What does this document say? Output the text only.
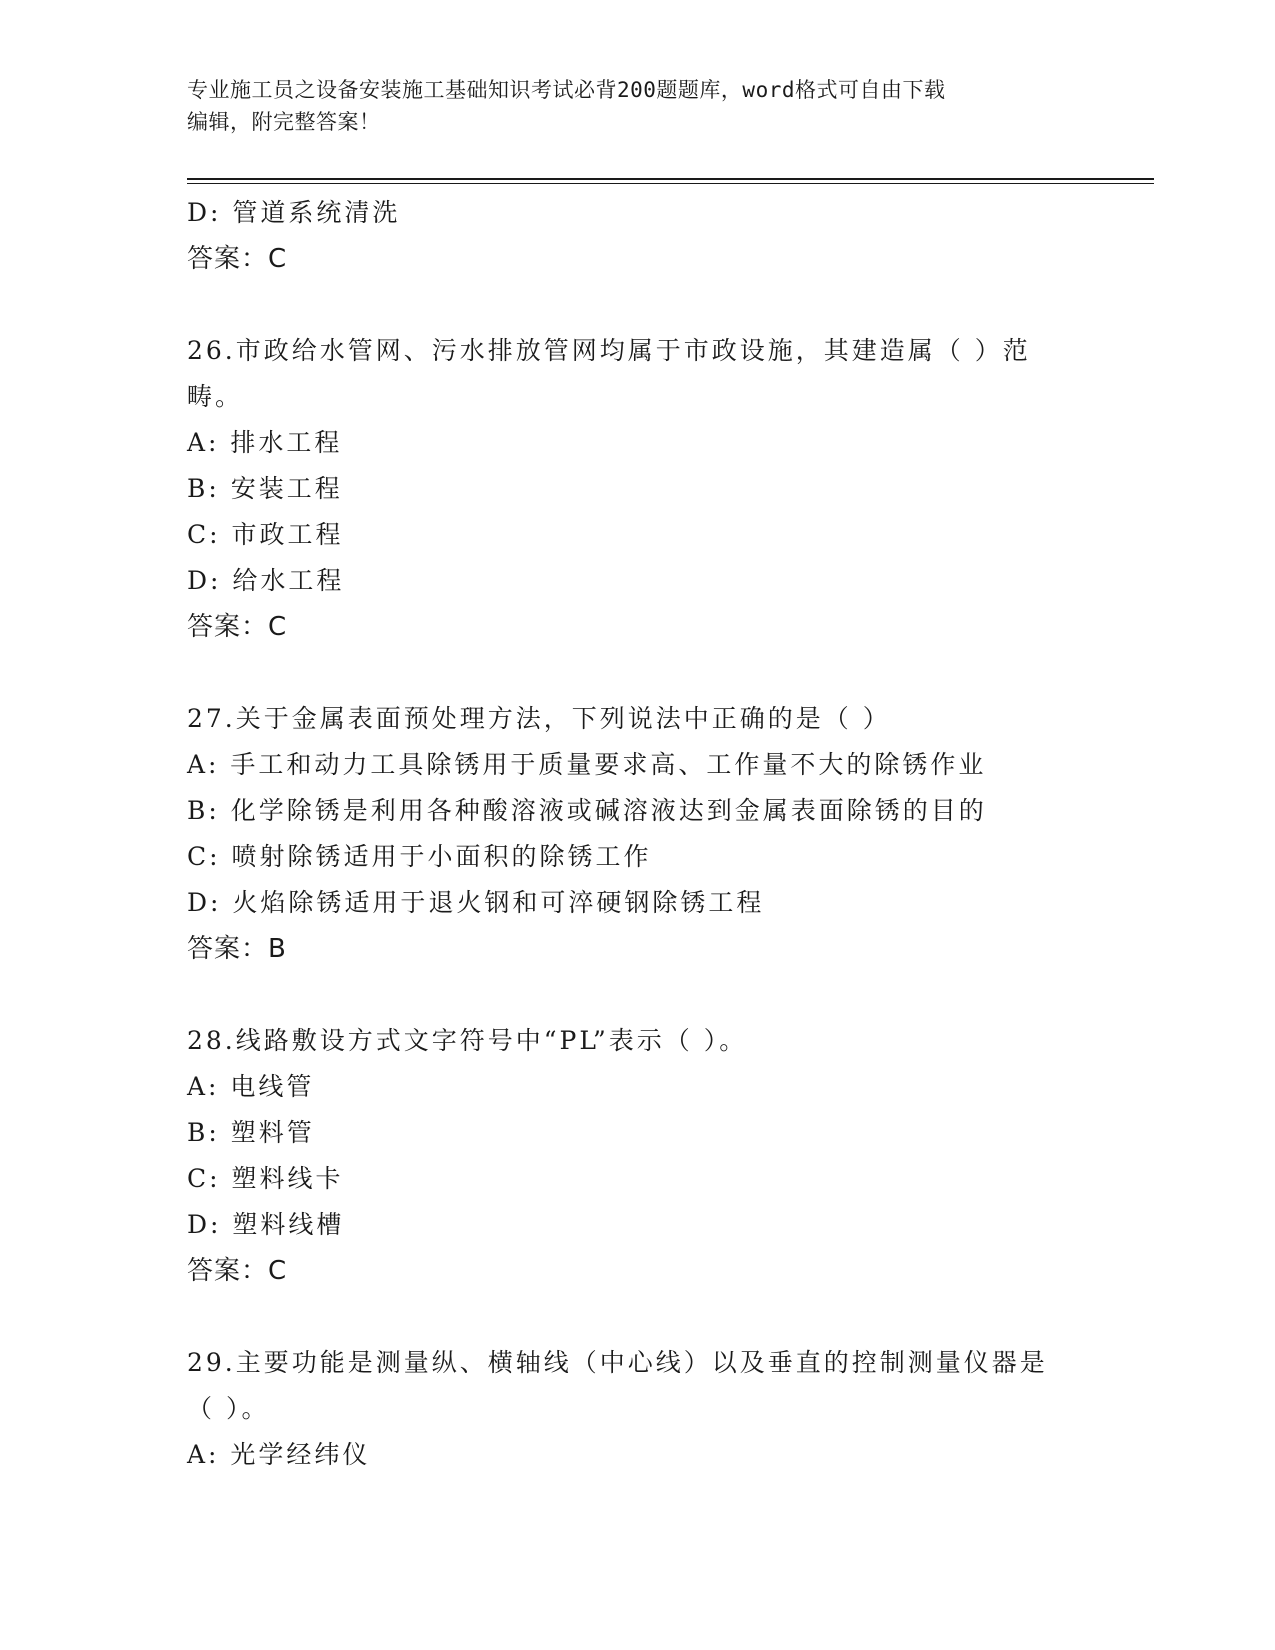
专业施工员之设备安装施工基础知识考试必背200题题库，word格式可自由下载
编辑，附完整答案！
D: 管道系统清洗
答案：C
26.市政给水管网、污水排放管网均属于市政设施，其建造属（ ）范
畴。
A: 排水工程
B: 安装工程
C: 市政工程
D: 给水工程
答案：C
27.关于金属表面预处理方法，下列说法中正确的是（ ）
A: 手工和动力工具除锈用于质量要求高、工作量不大的除锈作业
B: 化学除锈是利用各种酸溶液或碱溶液达到金属表面除锈的目的
C: 喷射除锈适用于小面积的除锈工作
D: 火焰除锈适用于退火钢和可淬硬钢除锈工程
答案：B
28.线路敷设方式文字符号中“PL”表示（ ）。
A: 电线管
B: 塑料管
C: 塑料线卡
D: 塑料线槽
答案：C
29.主要功能是测量纵、横轴线（中心线）以及垂直的控制测量仪器是
（ ）。
A: 光学经纬仪
